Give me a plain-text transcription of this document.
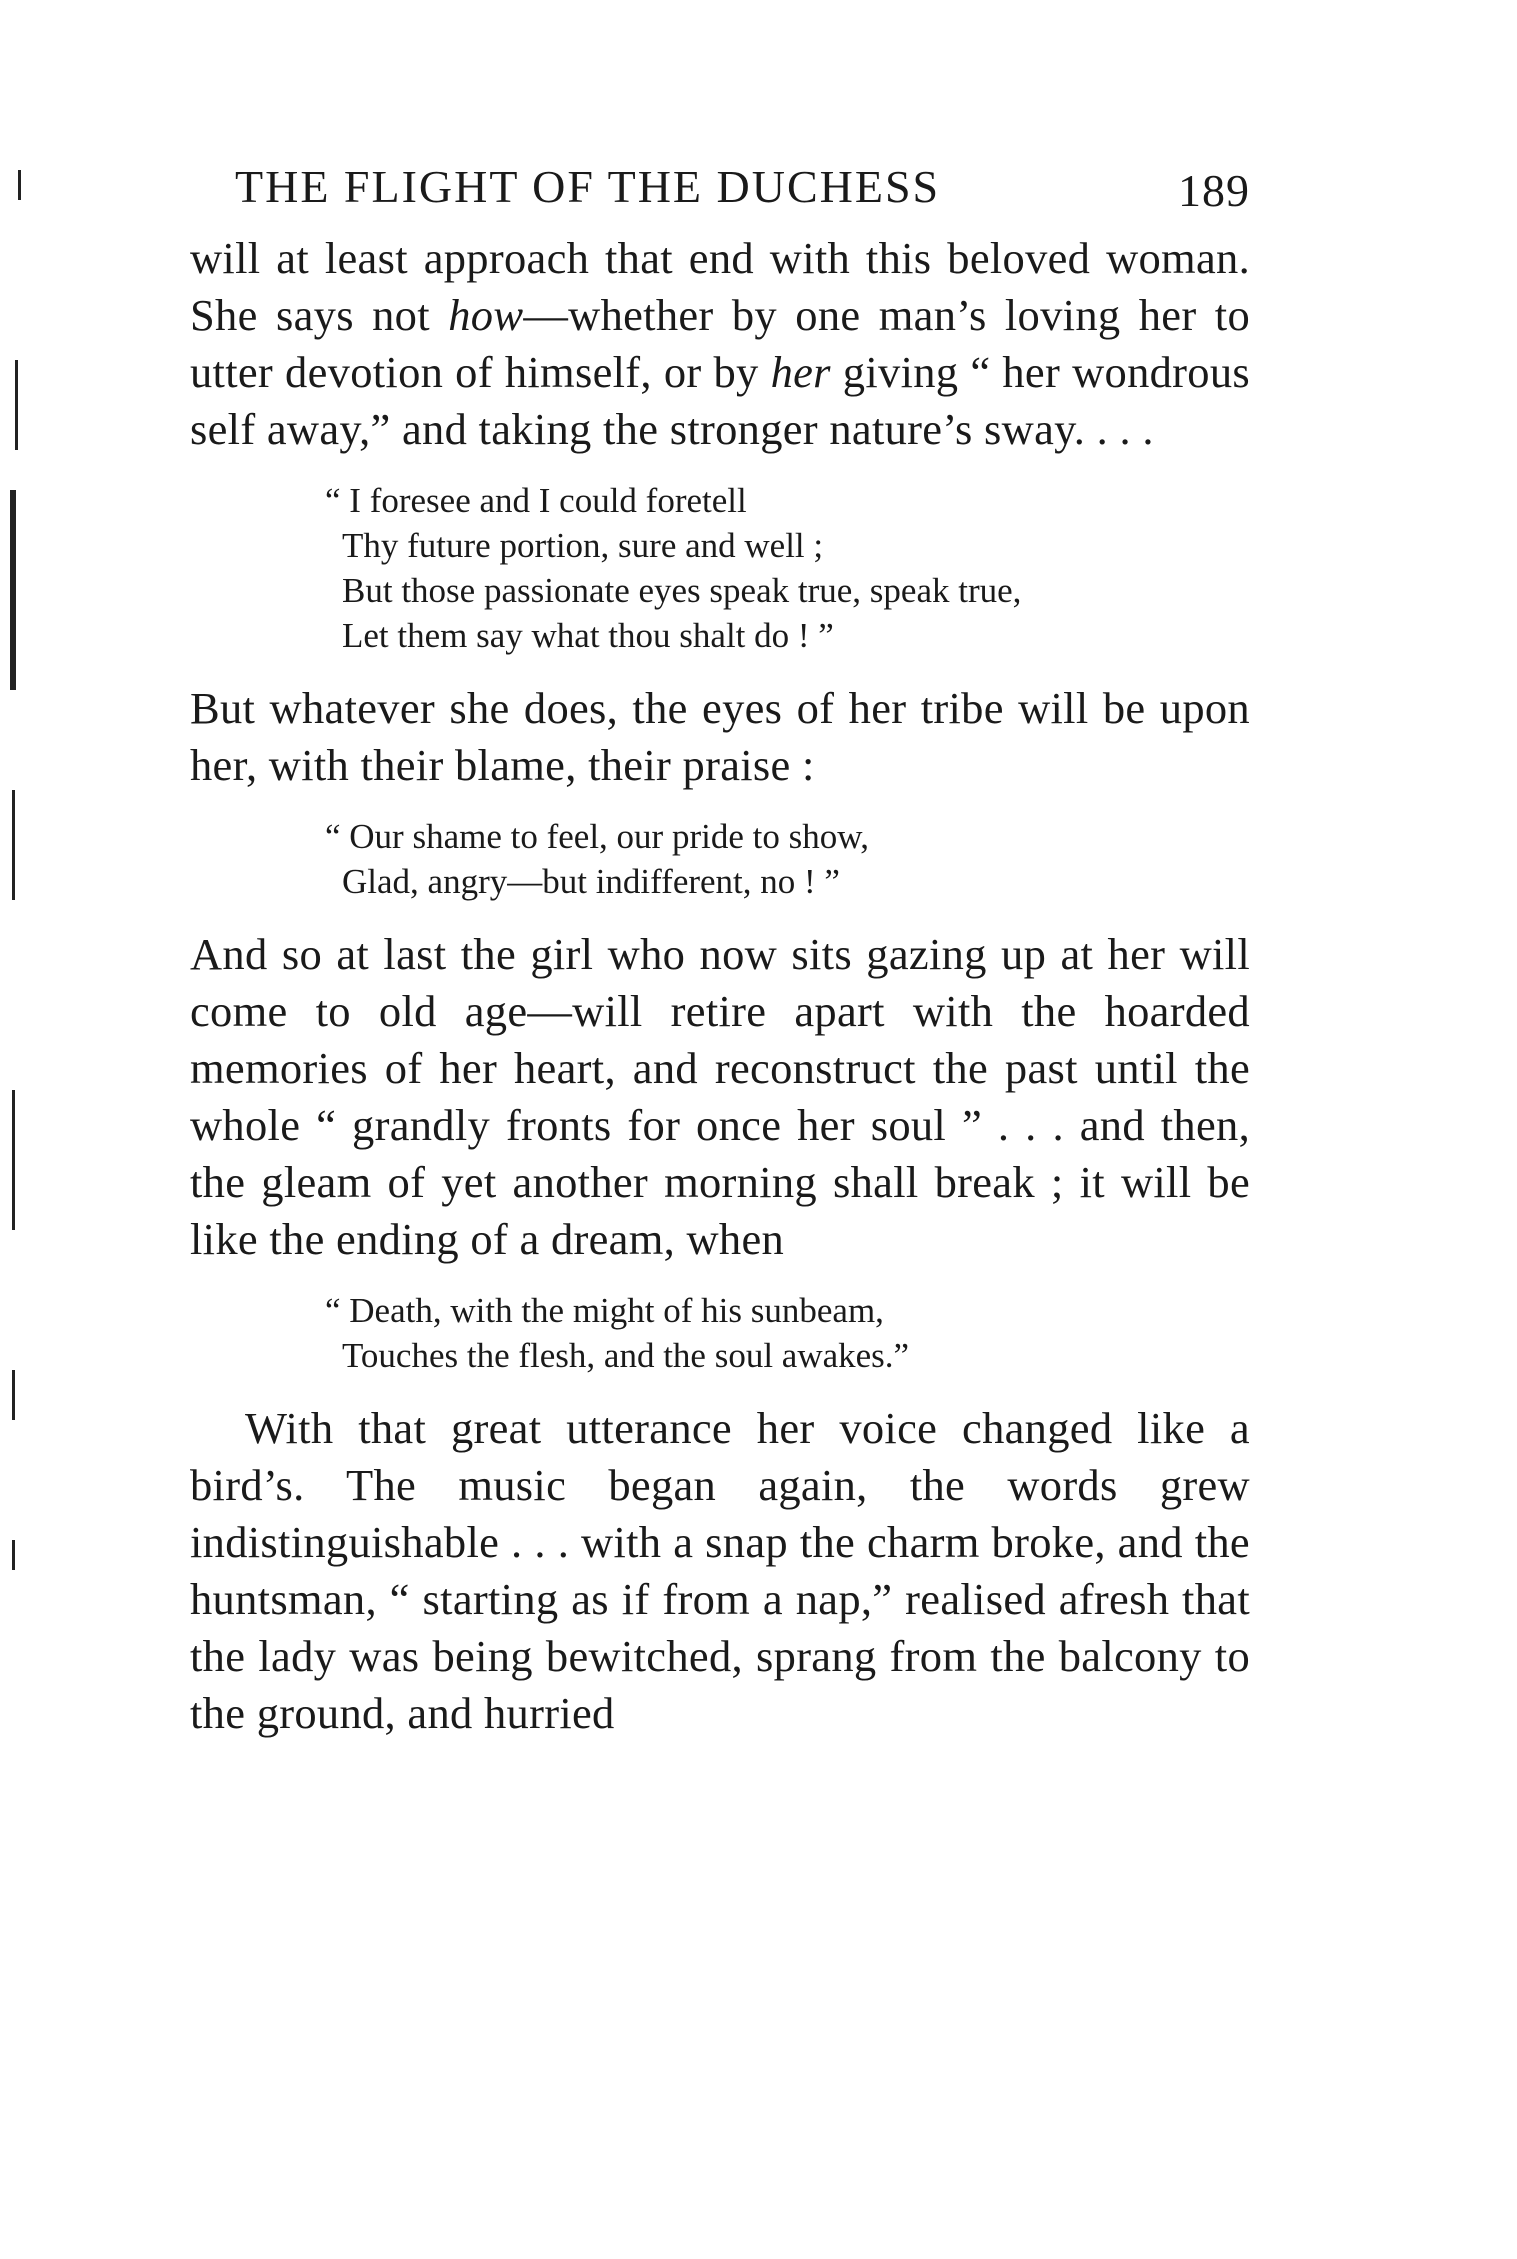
THE FLIGHT OF THE DUCHESS	189

will at least approach that end with this beloved woman. She says not how—whether by one man’s loving her to utter devotion of himself, or by her giving “ her wondrous self away,” and taking the stronger nature’s sway. . . .

“ I foresee and I could foretell
Thy future portion, sure and well ;
But those passionate eyes speak true, speak true,
Let them say what thou shalt do ! ”

But whatever she does, the eyes of her tribe will be upon her, with their blame, their praise :

“ Our shame to feel, our pride to show,
Glad, angry—but indifferent, no ! ”

And so at last the girl who now sits gazing up at her will come to old age—will retire apart with the hoarded memories of her heart, and reconstruct the past until the whole “ grandly fronts for once her soul ” . . . and then, the gleam of yet another morning shall break ; it will be like the ending of a dream, when

“ Death, with the might of his sunbeam,
Touches the flesh, and the soul awakes.”

With that great utterance her voice changed like a bird’s. The music began again, the words grew indistinguishable . . . with a snap the charm broke, and the huntsman, “ starting as if from a nap,” realised afresh that the lady was being bewitched, sprang from the balcony to the ground, and hurried
